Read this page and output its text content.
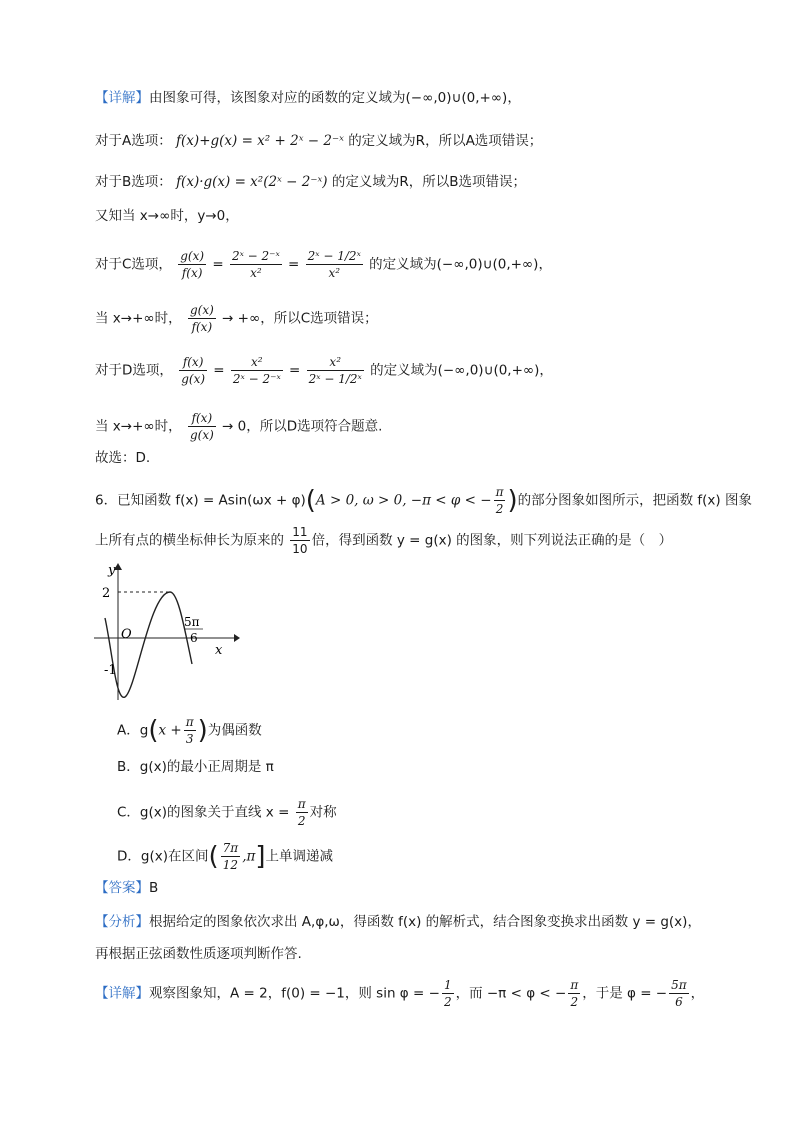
【详解】由图象可得，该图象对应的函数的定义域为(−∞,0)∪(0,+∞)，
对于A选项： f(x)+g(x) = x² + 2ˣ − 2⁻ˣ 的定义域为R，所以A选项错误；
对于B选项： f(x)·g(x) = x²(2ˣ − 2⁻ˣ) 的定义域为R，所以B选项错误；
又知当 x→∞时，y→0，
对于C选项， $\frac{g(x)}{f(x)} = \frac{\text{2ˣ − 2⁻ˣ}}{\text{x²}} = \frac{\text{2ˣ − 1/2ˣ}}{\text{x²}}$ 的定义域为(−∞,0)∪(0,+∞)，
当 x→+∞时， $\frac{g(x)}{f(x)}$ → +∞，所以C选项错误；
对于D选项， $\frac{f(x)}{g(x)} = \frac{\text{x²}}{\text{2ˣ − 2⁻ˣ}} = \frac{\text{x²}}{\text{2ˣ − 1/2ˣ}}$ 的定义域为(−∞,0)∪(0,+∞)，
当 x→+∞时， $\frac{f(x)}{g(x)} \to 0$，所以D选项符合题意.
故选：D.
6．已知函数 f(x) = Asin(ωx + φ)(A > 0, ω > 0, −π < φ < − $\frac{\pi}{2}$ )的部分图象如图所示，把函数 f(x) 图象
上所有点的横坐标伸长为原来的 $\frac{11}{10}$ 倍，得到函数 y = g(x) 的图象，则下列说法正确的是（　）
y
x
O
2
-1
5π
6
A．$g(x + \frac{\pi}{3}$ )为偶函数
B．g(x)的最小正周期是 π
C．g(x)的图象关于直线 $x = \frac{\pi}{2}$ 对称
D．g(x)在区间( $\frac{7\pi}{12} ,\pi$]上单调递减
【答案】B
【分析】根据给定的图象依次求出 A,φ,ω，得函数 f(x) 的解析式，结合图象变换求出函数 y = g(x)，
再根据正弦函数性质逐项判断作答.
【详解】观察图象知，A = 2，f(0) = −1，则 sin φ = − $\frac{1}{2}$ ，而 −π < φ < − $\frac{\pi}{2}$ ，于是 φ = − $\frac{5\pi}{6}$ ，
